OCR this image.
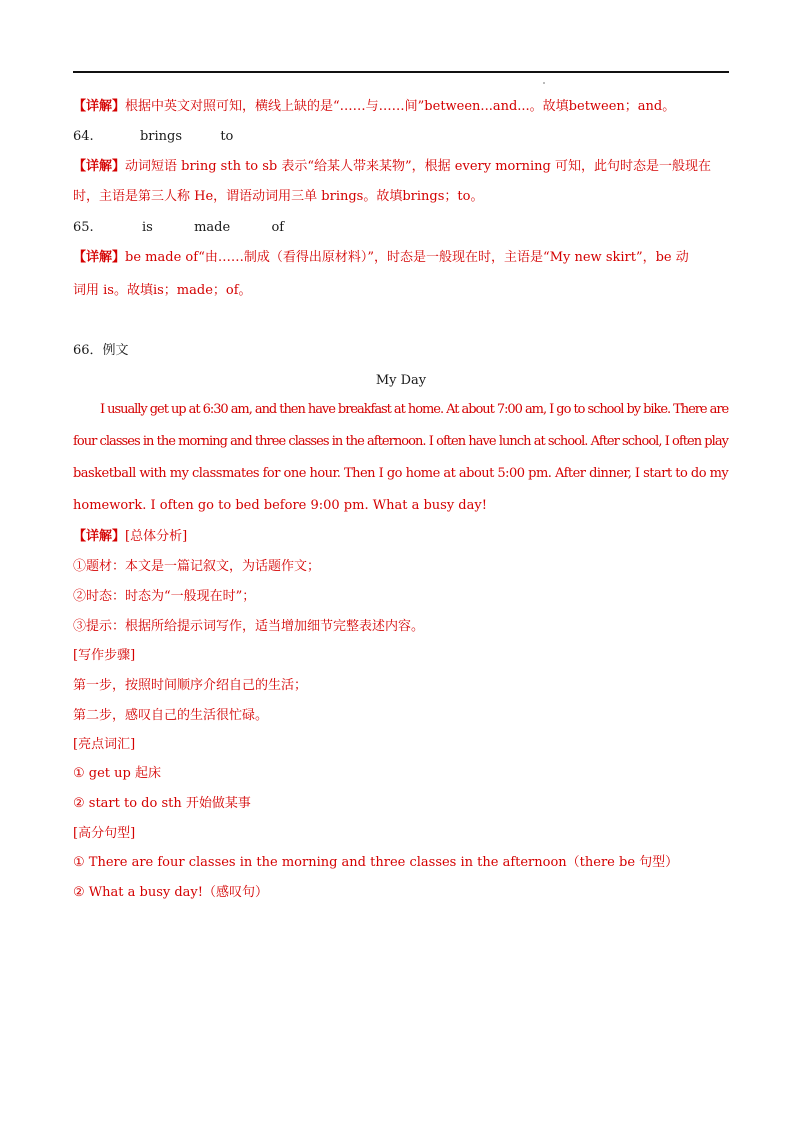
【详解】根据中英文对照可知，横线上缺的是“……与……间”between...and...。故填between；and。
64.	brings	to
【详解】动词短语 bring sth to sb 表示“给某人带来某物”，根据 every morning 可知，此句时态是一般现在
时，主语是第三人称 He，谓语动词用三单 brings。故填brings；to。
65.	is	made	of
【详解】be made of“由……制成（看得出原材料）”，时态是一般现在时，主语是“My new skirt”，be 动
词用 is。故填is；made；of。
66．例文
My Day
I usually get up at 6:30 am, and then have breakfast at home. At about 7:00 am, I go to school by bike. There are
four classes in the morning and three classes in the afternoon. I often have lunch at school. After school, I often play
basketball with my classmates for one hour. Then I go home at about 5:00 pm. After dinner, I start to do my
homework. I often go to bed before 9:00 pm. What a busy day!
【详解】[总体分析]
①题材：本文是一篇记叙文，为话题作文；
②时态：时态为“一般现在时”；
③提示：根据所给提示词写作，适当增加细节完整表述内容。
[写作步骤]
第一步，按照时间顺序介绍自己的生活；
第二步，感叹自己的生活很忙碌。
[亮点词汇]
① get up 起床
② start to do sth 开始做某事
[高分句型]
① There are four classes in the morning and three classes in the afternoon（there be 句型）
② What a busy day!（感叹句）
